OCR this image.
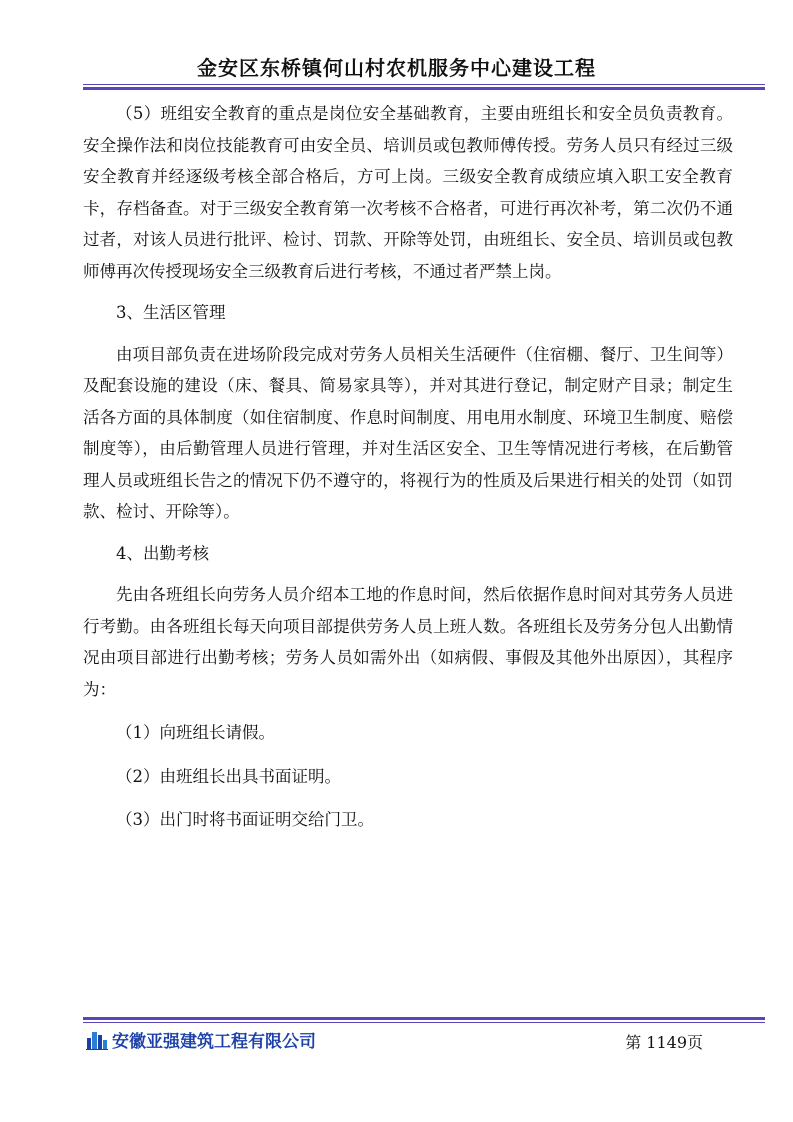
金安区东桥镇何山村农机服务中心建设工程

（5）班组安全教育的重点是岗位安全基础教育，主要由班组长和安全员负责教育。安全操作法和岗位技能教育可由安全员、培训员或包教师傅传授。劳务人员只有经过三级安全教育并经逐级考核全部合格后，方可上岗。三级安全教育成绩应填入职工安全教育卡，存档备查。对于三级安全教育第一次考核不合格者，可进行再次补考，第二次仍不通过者，对该人员进行批评、检讨、罚款、开除等处罚，由班组长、安全员、培训员或包教师傅再次传授现场安全三级教育后进行考核，不通过者严禁上岗。

3、生活区管理

由项目部负责在进场阶段完成对劳务人员相关生活硬件（住宿棚、餐厅、卫生间等）及配套设施的建设（床、餐具、简易家具等），并对其进行登记，制定财产目录；制定生活各方面的具体制度（如住宿制度、作息时间制度、用电用水制度、环境卫生制度、赔偿制度等），由后勤管理人员进行管理，并对生活区安全、卫生等情况进行考核，在后勤管理人员或班组长告之的情况下仍不遵守的，将视行为的性质及后果进行相关的处罚（如罚款、检讨、开除等）。

4、出勤考核

先由各班组长向劳务人员介绍本工地的作息时间，然后依据作息时间对其劳务人员进行考勤。由各班组长每天向项目部提供劳务人员上班人数。各班组长及劳务分包人出勤情况由项目部进行出勤考核；劳务人员如需外出（如病假、事假及其他外出原因），其程序为：

（1）向班组长请假。

（2）由班组长出具书面证明。

（3）出门时将书面证明交给门卫。

安徽亚强建筑工程有限公司	第 1149页
